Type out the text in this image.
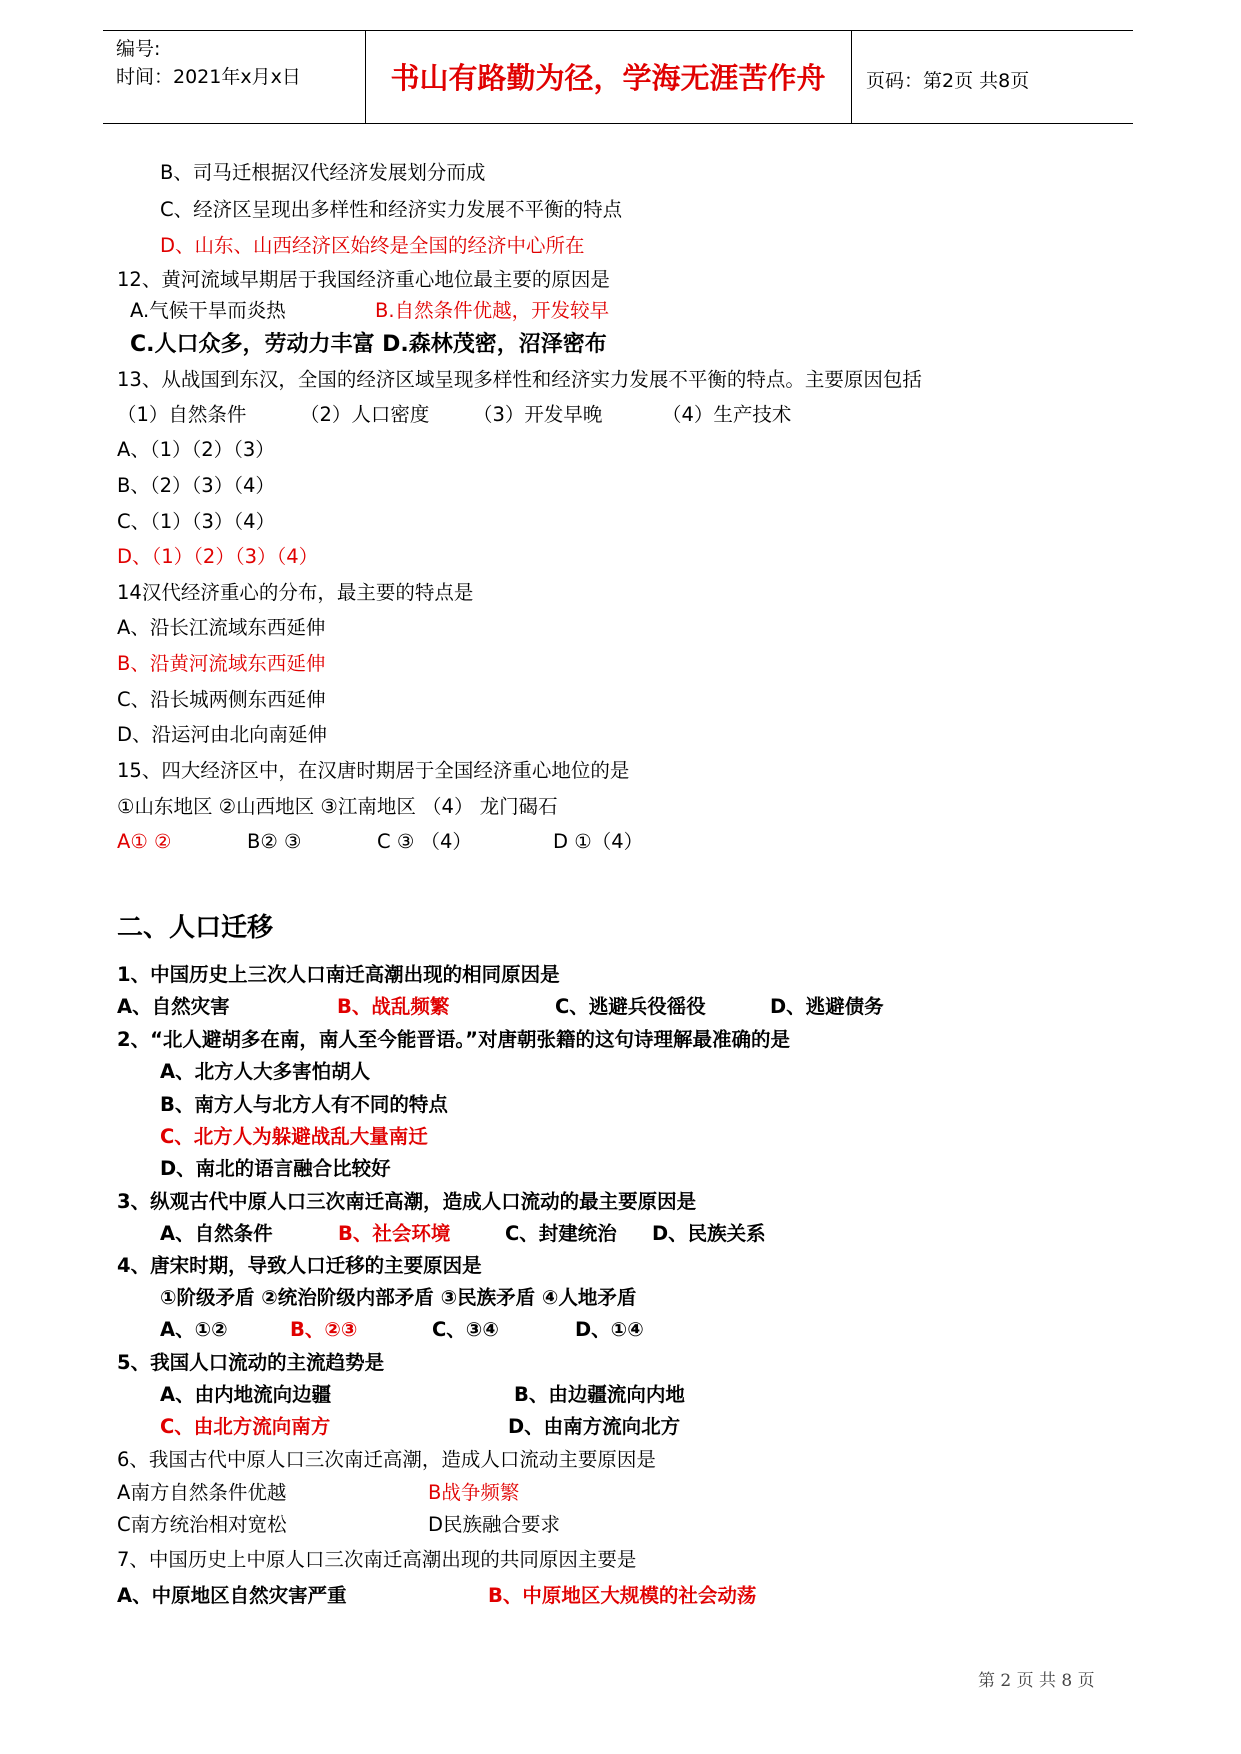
编号:
时间：2021年x月x日	书山有路勤为径，学海无涯苦作舟	页码：第2页 共8页
B、司马迁根据汉代经济发展划分而成
C、经济区呈现出多样性和经济实力发展不平衡的特点
D、山东、山西经济区始终是全国的经济中心所在
12、黄河流域早期居于我国经济重心地位最主要的原因是
A.气候干旱而炎热	B.自然条件优越，开发较早
C.人口众多，劳动力丰富 D.森林茂密，沼泽密布
13、从战国到东汉，全国的经济区域呈现多样性和经济实力发展不平衡的特点。主要原因包括
（1）自然条件	（2）人口密度 （3）开发早晚	（4）生产技术
A、（1）（2）（3）
B、（2）（3）（4）
C、（1）（3）（4）
D、（1）（2）（3）（4）
14汉代经济重心的分布，最主要的特点是
A、沿长江流域东西延伸
B、沿黄河流域东西延伸
C、沿长城两侧东西延伸
D、沿运河由北向南延伸
15、四大经济区中，在汉唐时期居于全国经济重心地位的是
①山东地区 ②山西地区 ③江南地区 （4） 龙门碣石
A① ②	B② ③	C ③ （4）	D ①（4）
二、人口迁移
1、中国历史上三次人口南迁高潮出现的相同原因是
A、自然灾害	B、战乱频繁	C、逃避兵役徭役	D、逃避债务
2、“北人避胡多在南，南人至今能晋语。”对唐朝张籍的这句诗理解最准确的是
A、北方人大多害怕胡人
B、南方人与北方人有不同的特点
C、北方人为躲避战乱大量南迁
D、南北的语言融合比较好
3、纵观古代中原人口三次南迁高潮，造成人口流动的最主要原因是
A、自然条件	B、社会环境	C、封建统治 D、民族关系
4、唐宋时期，导致人口迁移的主要原因是
①阶级矛盾 ②统治阶级内部矛盾 ③民族矛盾 ④人地矛盾
A、①②	B、②③	C、③④	D、①④
5、我国人口流动的主流趋势是
A、由内地流向边疆	B、由边疆流向内地
C、由北方流向南方	D、由南方流向北方
6、我国古代中原人口三次南迁高潮，造成人口流动主要原因是
A南方自然条件优越	B战争频繁
C南方统治相对宽松	D民族融合要求
7、中国历史上中原人口三次南迁高潮出现的共同原因主要是
A、中原地区自然灾害严重	B、中原地区大规模的社会动荡
第 2 页 共 8 页
